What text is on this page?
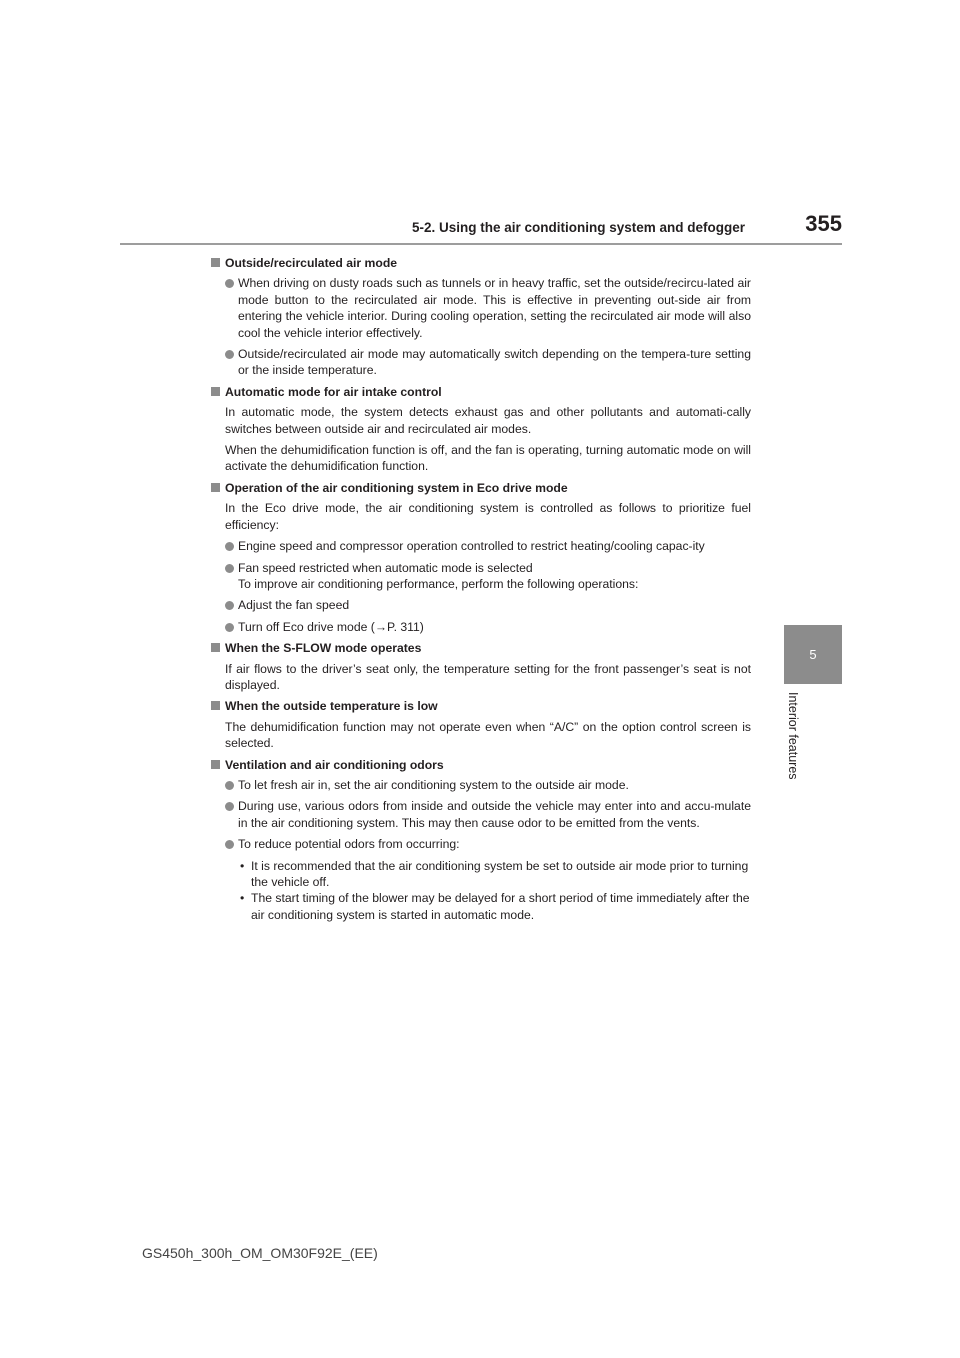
5-2. Using the air conditioning system and defogger	355
5
Interior features
Outside/recirculated air mode
When driving on dusty roads such as tunnels or in heavy traffic, set the outside/recircu-lated air mode button to the recirculated air mode. This is effective in preventing out-side air from entering the vehicle interior. During cooling operation, setting the recirculated air mode will also cool the vehicle interior effectively.
Outside/recirculated air mode may automatically switch depending on the tempera-ture setting or the inside temperature.
Automatic mode for air intake control
In automatic mode, the system detects exhaust gas and other pollutants and automati-cally switches between outside air and recirculated air modes.
When the dehumidification function is off, and the fan is operating, turning automatic mode on will activate the dehumidification function.
Operation of the air conditioning system in Eco drive mode
In the Eco drive mode, the air conditioning system is controlled as follows to prioritize fuel efficiency:
Engine speed and compressor operation controlled to restrict heating/cooling capac-ity
Fan speed restricted when automatic mode is selected
To improve air conditioning performance, perform the following operations:
Adjust the fan speed
Turn off Eco drive mode (→P. 311)
When the S-FLOW mode operates
If air flows to the driver’s seat only, the temperature setting for the front passenger’s seat is not displayed.
When the outside temperature is low
The dehumidification function may not operate even when “A/C” on the option control screen is selected.
Ventilation and air conditioning odors
To let fresh air in, set the air conditioning system to the outside air mode.
During use, various odors from inside and outside the vehicle may enter into and accu-mulate in the air conditioning system. This may then cause odor to be emitted from the vents.
To reduce potential odors from occurring:
• It is recommended that the air conditioning system be set to outside air mode prior to turning the vehicle off.
• The start timing of the blower may be delayed for a short period of time immediately after the air conditioning system is started in automatic mode.
GS450h_300h_OM_OM30F92E_(EE)
